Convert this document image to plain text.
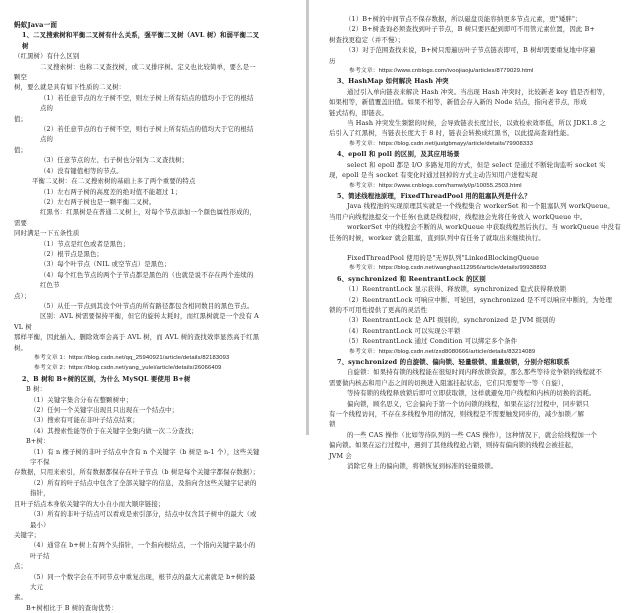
蚂蚁Java一面
1、二叉搜索树和平衡二叉树有什么关系，强平衡二叉树（AVL 树）和弱平衡二叉树
（红黑树）有什么区别
二叉搜索树：也称二叉查找树，或二叉排序树。定义也比较简单，要么是一颗空
树，要么就是具有如下性质的二叉树：
（1）若任意节点的左子树不空，则左子树上所有结点的值均小于它的根结点的
值；
（2）若任意节点的右子树不空，则右子树上所有结点的值均大于它的根结点的
值；
（3）任意节点的左、右子树也分别为二叉查找树；
（4）没有键值相等的节点。
平衡二叉树：在二叉搜索树的基础上多了两个重要的特点
（1）左右两子树的高度差的绝对值不能超过 1；
（2）左右两子树也是一颗平衡二叉树。
红黑书：红黑树是在普通二叉树上，对每个节点添加一个颜色属性形成的，需要
同时满足一下五条性质
（1）节点是红色或者是黑色；
（2）根节点是黑色；
（3）每个叶节点（NIL 或空节点）是黑色；
（4）每个红色节点的两个子节点都是黑色的（也就是说不存在两个连续的红色节
点）；
（5）从任一节点到其没个叶节点的所有路径都包含相同数目的黑色节点。
区别：AVL 树需要保持平衡，但它的旋转太耗时，而红黑树就是一个没有 AVL 树
那样平衡，因此插入、删除效率会高于 AVL 树，而 AVL 树的查找效率显然高于红黑树。
参考文章 1：https://blog.csdn.net/qq_25940921/article/details/82183093
参考文章 2：https://blog.csdn.net/yang_yulei/article/details/26066409
2、B 树和 B+树的区别，为什么 MySQL 要使用 B+树
B 树：
（1）关键字集合分布在整颗树中；
（2）任何一个关键字出现且只出现在一个结点中；
（3）搜索有可能在非叶子结点结束；
（4）其搜索性能等价于在关键字全集内做一次二分查找；
B+树：
（1）有 n 棵子树的非叶子结点中含有 n 个关键字（b 树是 n-1 个），这些关键字不保
存数据，只用来索引，所有数据都保存在叶子节点（b 树是每个关键字都保存数据）；
（2）所有的叶子结点中包含了全部关键字的信息，及指向含这些关键字记录的指针，
且叶子结点本身依关键字的大小自小而大顺序链接；
（3）所有的非叶子结点可以看成是索引部分，结点中仅含其子树中的最大（或最小）
关键字；
（4）通常在 b+树上有两个头指针，一个指向根结点，一个指向关键字最小的叶子结
点；
（5）同一个数字会在不同节点中重复出现，根节点的最大元素就是 b+树的最大元
素。
B+树相比于 B 树的查询优势：
（1）B+树的中间节点不保存数据，所以磁盘页能容纳更多节点元素，更"矮胖"；
（2）B+树查询必须查找到叶子节点，B 树只要匹配到即可不用管元素位置，因此 B+
树查找更稳定（并不慢）；
（3）对于范围查找来说，B+树只需遍历叶子节点链表即可，B 树却需要重复地中序遍
历
参考文章：https://www.cnblogs.com/ivoojiaoju/articles/8779029.html
3、HashMap 如何解决 Hash 冲突
通过引入单向链表来解决 Hash 冲突。当出现 Hash 冲突时，比较新老 key 值是否相等，
如果相等，新值覆盖旧值。如果不相等，新值会存入新的 Node 结点，指向老节点，形成
链式结构，即链表。
当 Hash 冲突发生频繁的时候，会导致链表长度过长，以致检索效率低，所以 JDK1.8 之
后引入了红黑树，当链表长度大于 8 时，链表会转换成红黑书，以此提高查询性能。
参考文章：https://blog.csdn.net/justgbmayy/article/details/79908333
4、epoll 和 poll 的区别，及其应用场景
select 和 epoll 都是 I/O 多路复用的方式，但是 select 是通过不断轮询监听 socket 实
现，epoll 是当 socket 有变化时通过回掉的方式主动告知用户进程实现
参考文章：https://www.cnblogs.com/hsmwlyl/p/10055.2503.html
5、简述线程池原理，FixedThreadPool 用的阻塞队列是什么？
Java 线程池的实现原理其实就是一个线程集合 workerSet 和一个阻塞队列 workQueue。
当用户向线程池提交一个任务(也就是线程)时，线程池会先将任务放入 workQueue 中。
workerSet 中的线程会不断的从 workQueue 中获取线程然后执行。当 workQueue 中没有
任务的时候，worker 就会阻塞，直到队列中有任务了就取出来继续执行。
FixedThreadPool 使用的是"无界队列"LinkedBlockingQueue
参考文章：https://blog.csdn.net/wanghao112956/article/details/99938893
6、synchronized 和 ReentrantLock 的区别
（1）ReentrantLock 显示获得、释放锁，synchronized 隐式获得释放锁
（2）ReentrantLock 可响应中断、可轮回，synchronized 是不可以响应中断的，为处理
锁的不可用性提供了更高的灵活性
（3）ReentrantLock 是 API 级别的，synchronized 是 JVM 级别的
（4）ReentrantLock 可以实现公平锁
（5）ReentrantLock 通过 Condition 可以绑定多个条件
参考文章：https://blog.csdn.net/zxd8080666/article/details/83214089
7、synchronized 的自旋锁、偏向锁、轻量级锁、重量级锁，分别介绍和联系
自旋锁：如果持有锁的线程能在很短时间内释放锁资源，那么那些等待竞争锁的线程就不
需要做内核态和用户态之间的切换进入阻塞挂起状态，它们只需要等一等（自旋），
等持有锁的线程释放锁后即可立即获取锁，这样就避免用户线程和内核的切换的消耗。
偏向锁，顾名思义，它会偏向于第一个访问锁的线程，如果在运行过程中，同步锁只
有一个线程访问，不存在多线程争用的情况，则线程是不需要触发同步的，减少加锁／解
锁
的一些 CAS 操作（比如等待队列的一些 CAS 操作），这种情况下，就会给线程加一个
偏向锁。如果在运行过程中，遇到了其他线程抢占锁，则持有偏向锁的线程会被挂起，
JVM 会
消除它身上的偏向锁，将锁恢复到标准的轻量级锁。
